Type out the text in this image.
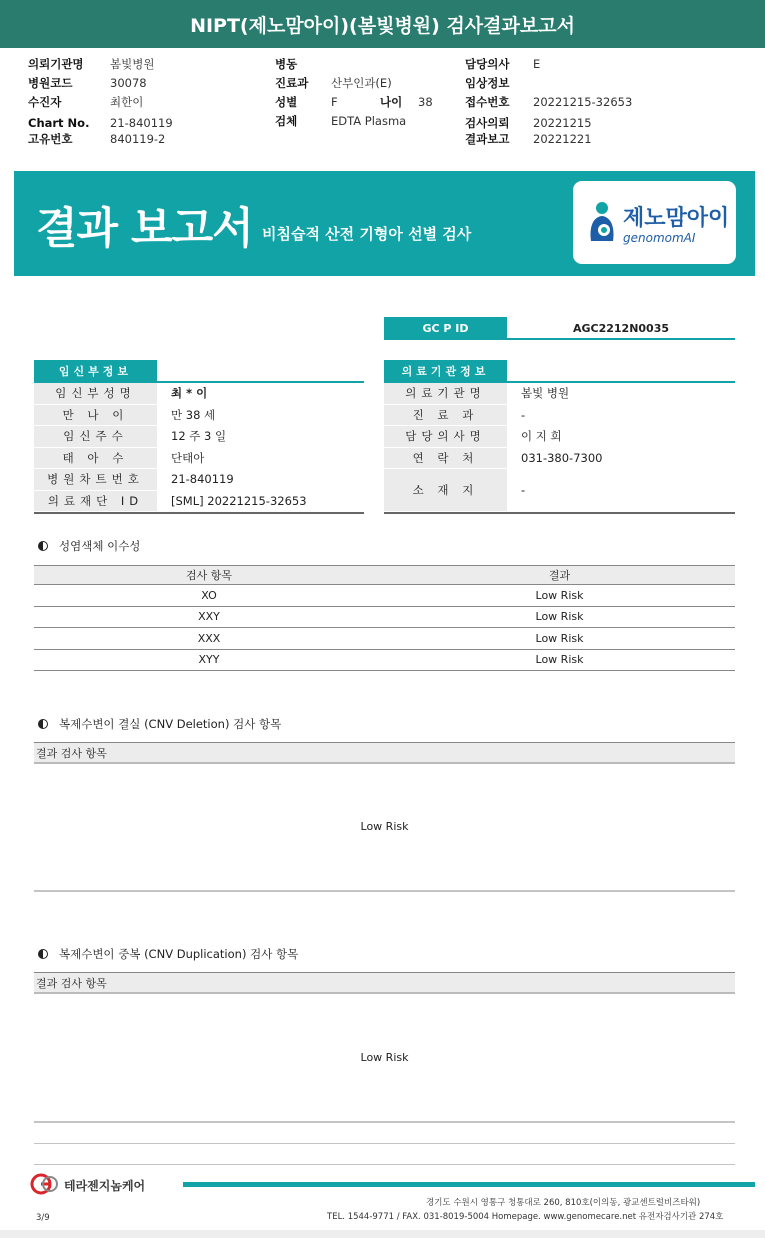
NIPT(제노맘아이)(봄빛병원) 검사결과보고서
의뢰기관명 봄빛병원
병원코드	30078
수진자	최한이
Chart No. 21-840119
고유번호	840119-2
병동
진료과 산부인과(E)
성별	F	나이 38
검체	EDTA Plasma
담당의사 E
임상정보
접수번호 20221215-32653
검사의뢰 20221215
결과보고 20221221
결과 보고서 비침습적 산전 기형아 선별 검사
제노맘아이
genomomAI
GC P ID	AGC2212N0035
임신부정보
임신부성명	최 * 이
만 나 이	만 38 세
임신주수	12 주 3 일
태 아 수	단태아
병원차트번호	21-840119
의료재단 ID	[SML] 20221215-32653
의료기관정보
의료기관명	봄빛 병원
진 료 과	-
담당의사명	이 지 희
연 락 처	031-380-7300
소 재 지	-
성염색체 이수성
검사 항목	결과
XO	Low Risk
XXY	Low Risk
XXX	Low Risk
XYY	Low Risk
복제수변이 결실 (CNV Deletion) 검사 항목
결과 검사 항목
Low Risk
복제수변이 중복 (CNV Duplication) 검사 항목
결과 검사 항목
Low Risk
테라젠지놈케어
경기도 수원시 영통구 청통대로 260, 810호(이의동, 광교센트럴비즈타워)
TEL. 1544-9771 / FAX. 031-8019-5004 Homepage. www.genomecare.net 유전자검사기관 274호
3/9
